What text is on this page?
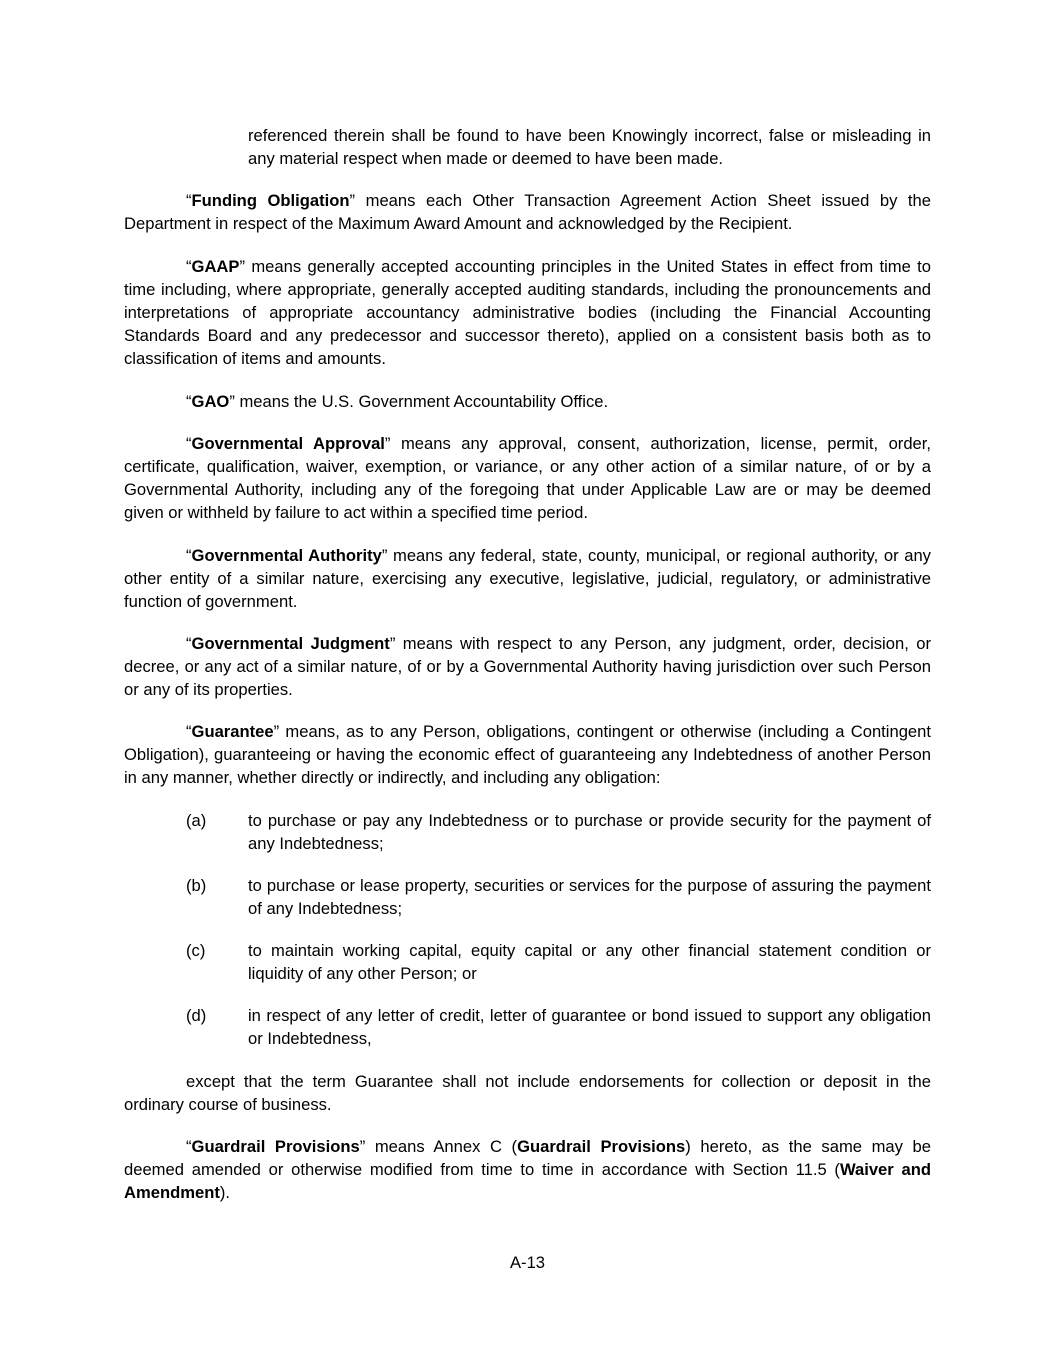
referenced therein shall be found to have been Knowingly incorrect, false or misleading in any material respect when made or deemed to have been made.

“Funding Obligation” means each Other Transaction Agreement Action Sheet issued by the Department in respect of the Maximum Award Amount and acknowledged by the Recipient.

“GAAP” means generally accepted accounting principles in the United States in effect from time to time including, where appropriate, generally accepted auditing standards, including the pronouncements and interpretations of appropriate accountancy administrative bodies (including the Financial Accounting Standards Board and any predecessor and successor thereto), applied on a consistent basis both as to classification of items and amounts.

“GAO” means the U.S. Government Accountability Office.

“Governmental Approval” means any approval, consent, authorization, license, permit, order, certificate, qualification, waiver, exemption, or variance, or any other action of a similar nature, of or by a Governmental Authority, including any of the foregoing that under Applicable Law are or may be deemed given or withheld by failure to act within a specified time period.

“Governmental Authority” means any federal, state, county, municipal, or regional authority, or any other entity of a similar nature, exercising any executive, legislative, judicial, regulatory, or administrative function of government.

“Governmental Judgment” means with respect to any Person, any judgment, order, decision, or decree, or any act of a similar nature, of or by a Governmental Authority having jurisdiction over such Person or any of its properties.

“Guarantee” means, as to any Person, obligations, contingent or otherwise (including a Contingent Obligation), guaranteeing or having the economic effect of guaranteeing any Indebtedness of another Person in any manner, whether directly or indirectly, and including any obligation:

(a)	to purchase or pay any Indebtedness or to purchase or provide security for the payment of any Indebtedness;
(b)	to purchase or lease property, securities or services for the purpose of assuring the payment of any Indebtedness;
(c)	to maintain working capital, equity capital or any other financial statement condition or liquidity of any other Person; or
(d)	in respect of any letter of credit, letter of guarantee or bond issued to support any obligation or Indebtedness,

except that the term Guarantee shall not include endorsements for collection or deposit in the ordinary course of business.

“Guardrail Provisions” means Annex C (Guardrail Provisions) hereto, as the same may be deemed amended or otherwise modified from time to time in accordance with Section 11.5 (Waiver and Amendment).

A-13
